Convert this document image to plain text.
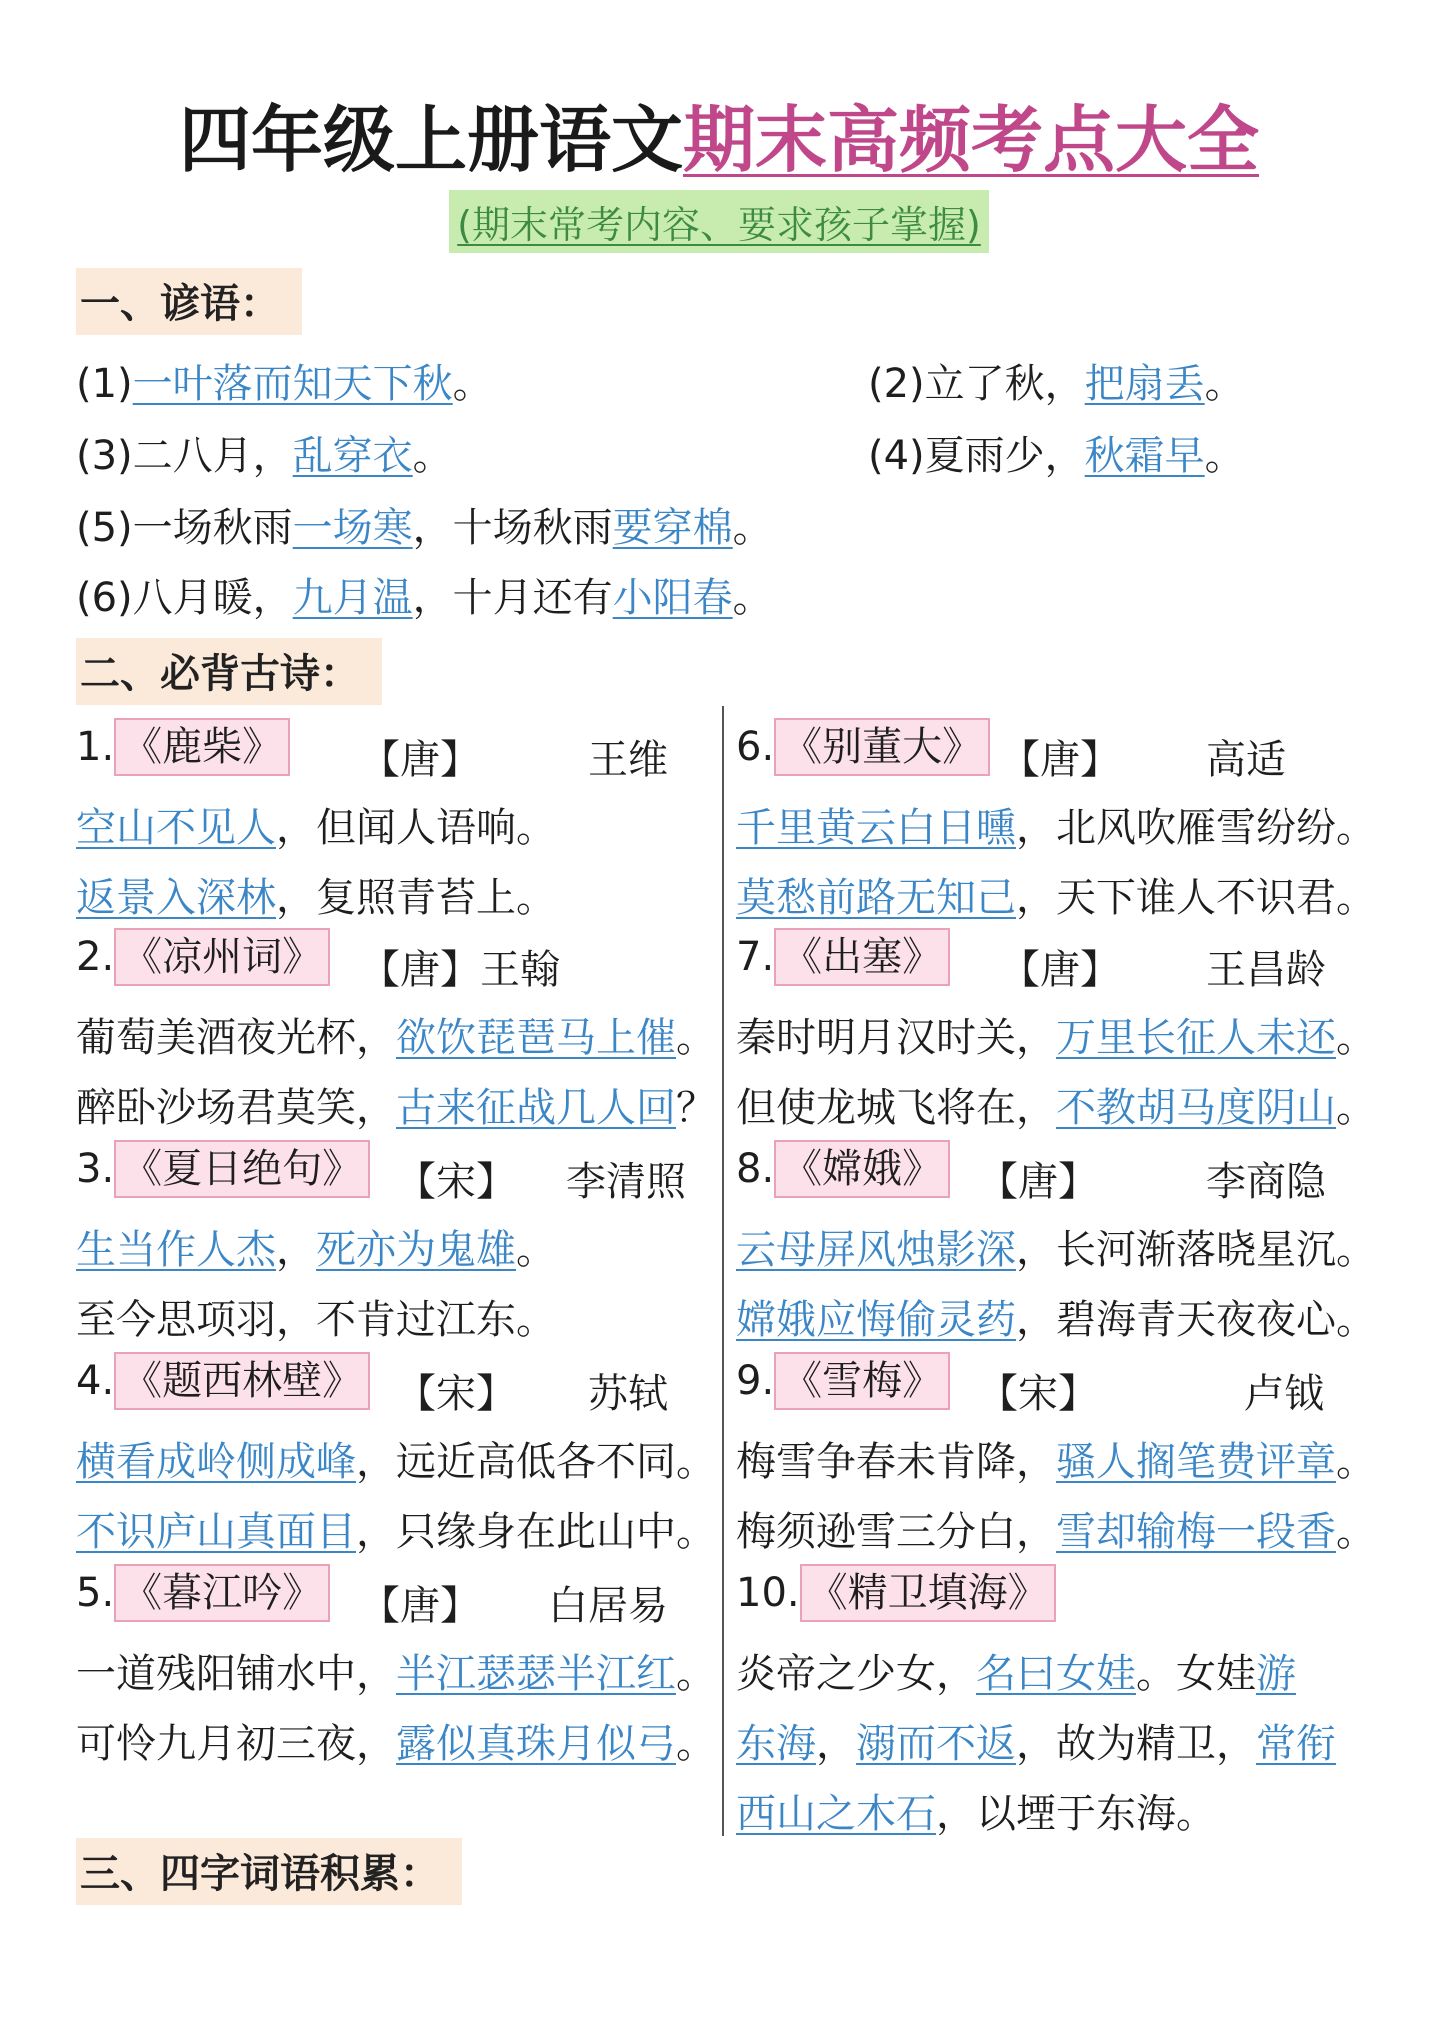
四年级上册语文期末高频考点大全
(期末常考内容、要求孩子掌握)
一、谚语：
(1)一叶落而知天下秋。	(2)立了秋，把扇丢。
(3)二八月，乱穿衣。	(4)夏雨少，秋霜早。
(5)一场秋雨一场寒，十场秋雨要穿棉。
(6)八月暖，九月温，十月还有小阳春。
二、必背古诗：
1. 《鹿柴》 【唐】	王维
空山不见人，但闻人语响。
返景入深林，复照青苔上。
2. 《凉州词》 【唐】王翰
葡萄美酒夜光杯，欲饮琵琶马上催。
醉卧沙场君莫笑，古来征战几人回？
3. 《夏日绝句》 【宋】 李清照
生当作人杰，死亦为鬼雄。
至今思项羽，不肯过江东。
4. 《题西林壁》 【宋】 苏轼
横看成岭侧成峰，远近高低各不同。
不识庐山真面目，只缘身在此山中。
5. 《暮江吟》 【唐】 白居易
一道残阳铺水中，半江瑟瑟半江红。
可怜九月初三夜，露似真珠月似弓。
6. 《别董大》 【唐】 高适
千里黄云白日曛，北风吹雁雪纷纷。
莫愁前路无知己，天下谁人不识君。
7. 《出塞》 【唐】 王昌龄
秦时明月汉时关，万里长征人未还。
但使龙城飞将在，不教胡马度阴山。
8. 《嫦娥》 【唐】	李商隐
云母屏风烛影深，长河渐落晓星沉。
嫦娥应悔偷灵药，碧海青天夜夜心。
9. 《雪梅》 【宋】	卢钺
梅雪争春未肯降，骚人搁笔费评章。
梅须逊雪三分白，雪却输梅一段香。
10. 《精卫填海》
炎帝之少女，名曰女娃。女娃游
东海，溺而不返，故为精卫，常衔
西山之木石，以堙于东海。
三、四字词语积累：
